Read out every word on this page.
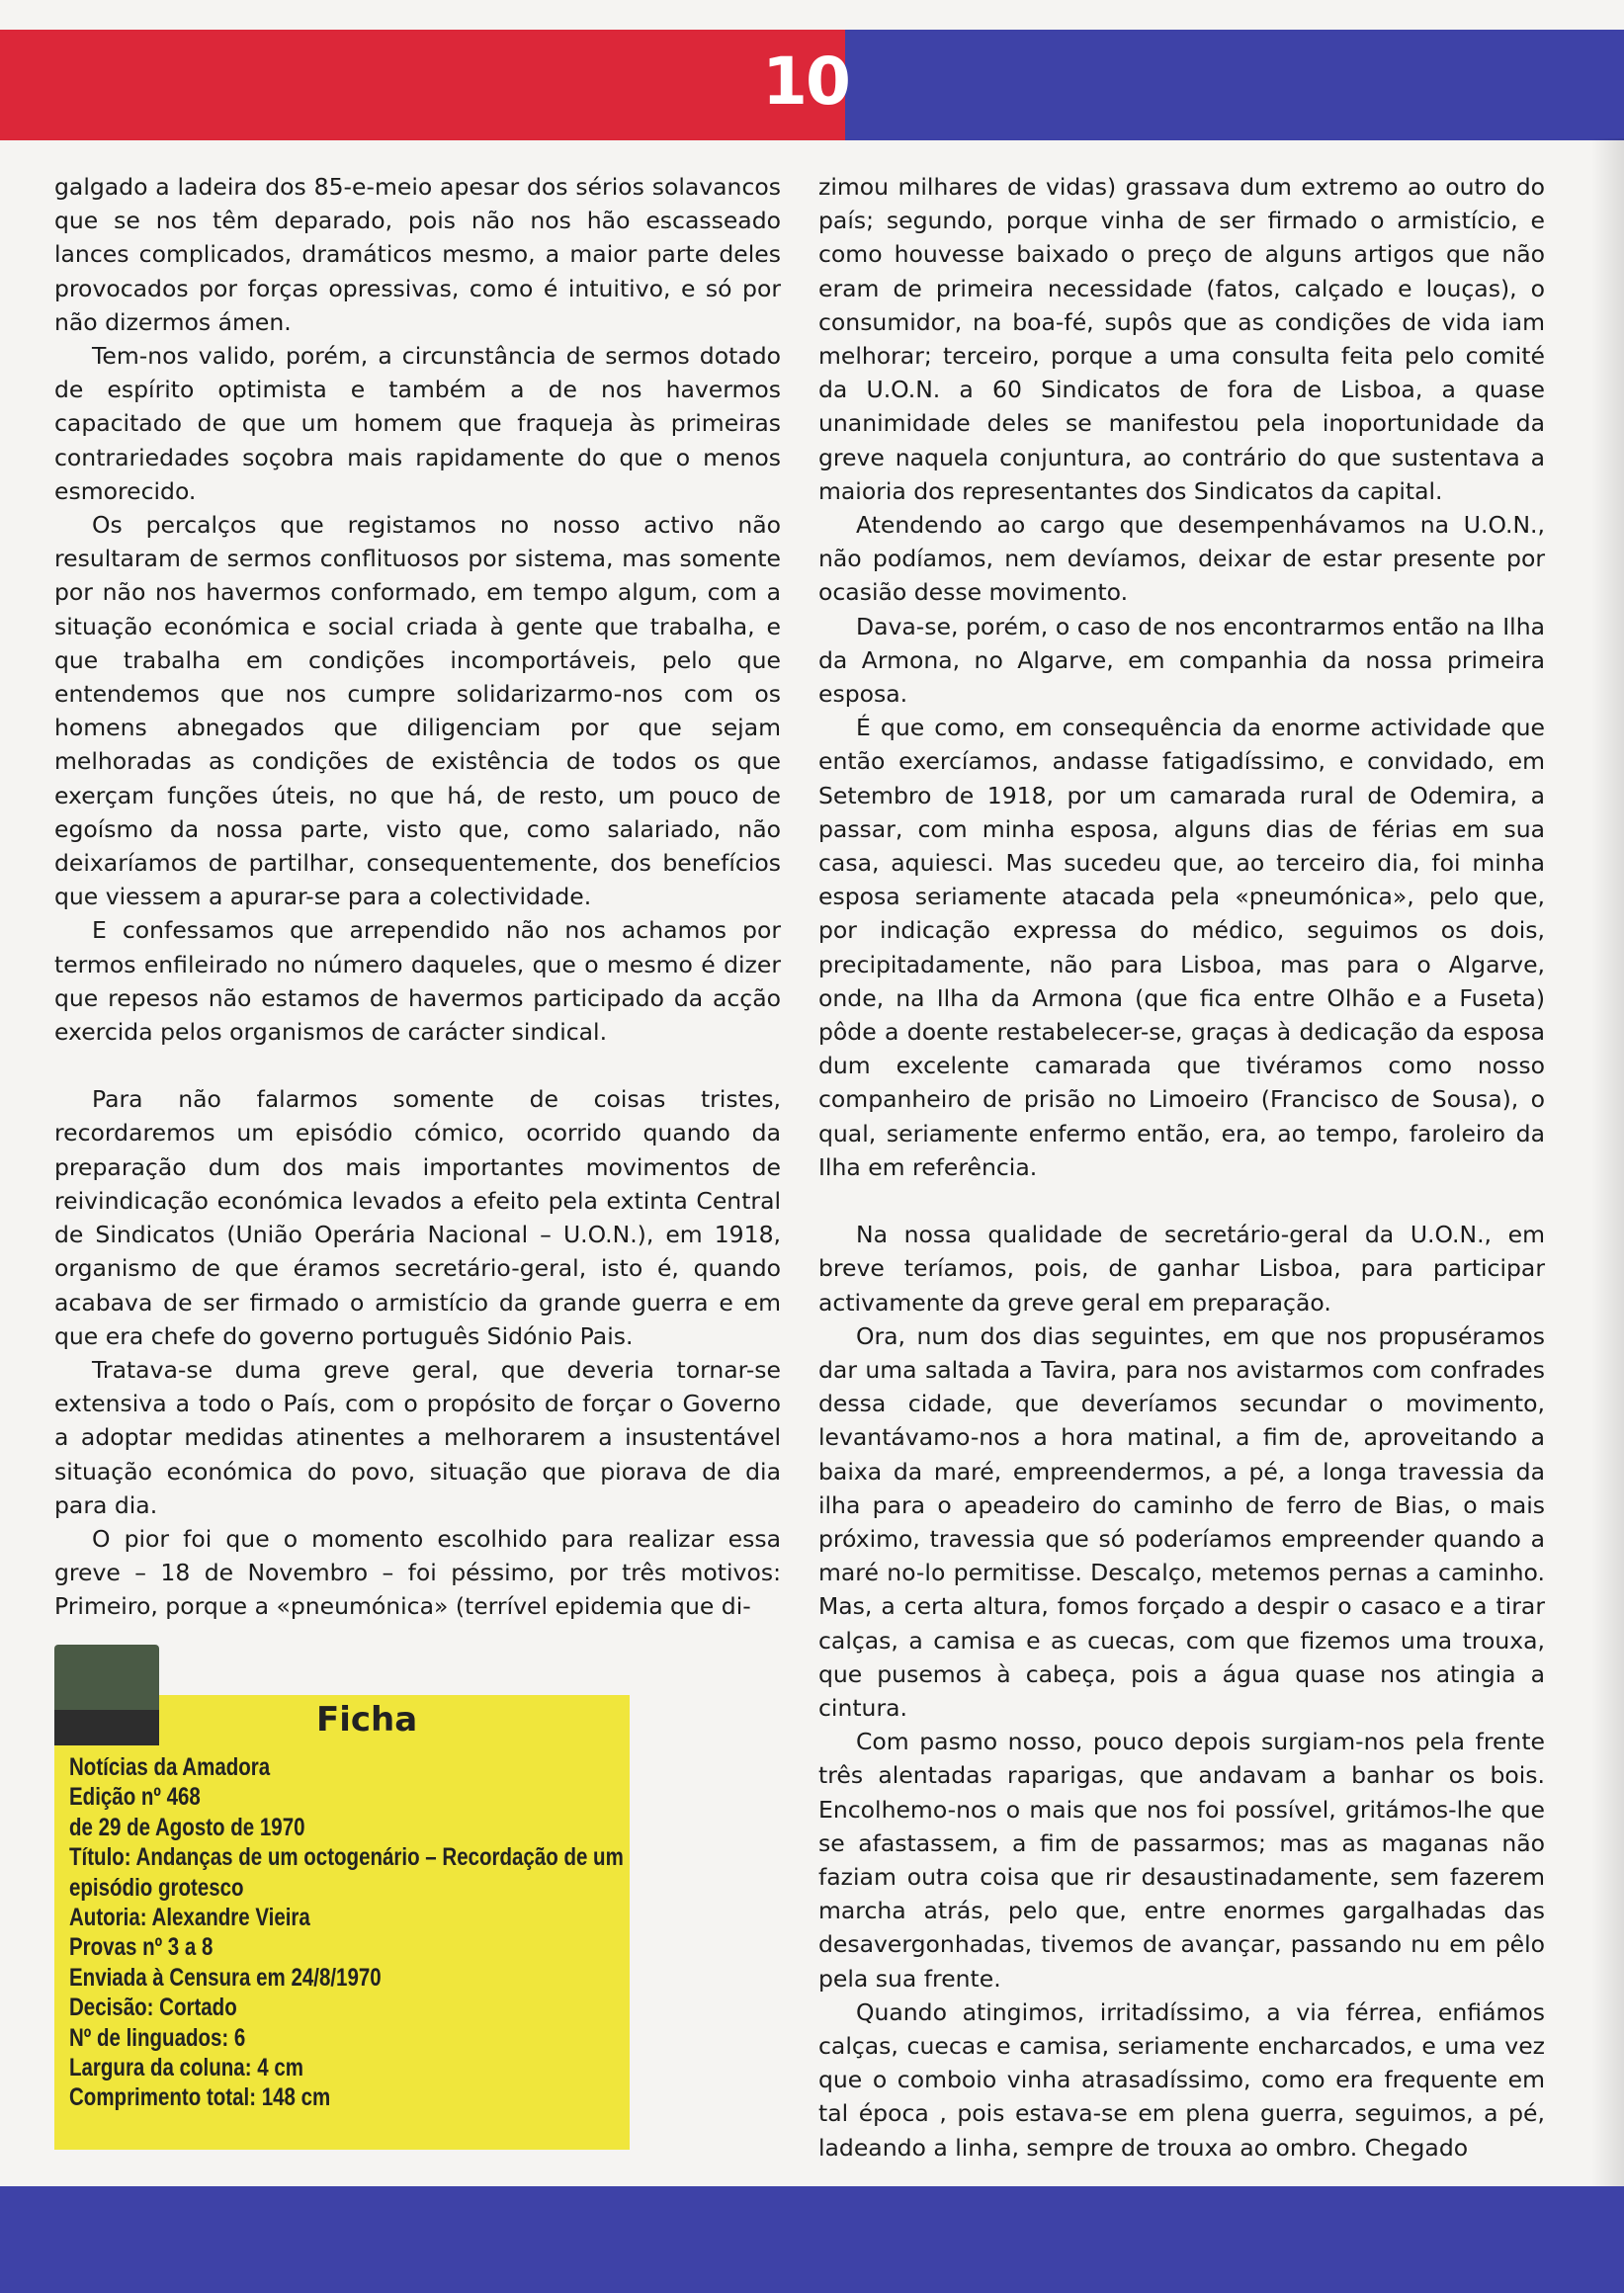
10

galgado a ladeira dos 85-e-meio apesar dos sérios solavancos que se nos têm deparado, pois não nos hão escasseado lances complicados, dramáticos mesmo, a maior parte deles provocados por forças opressivas, como é intuitivo, e só por não dizermos ámen.

Tem-nos valido, porém, a circunstância de sermos dotado de espírito optimista e também a de nos havermos capacitado de que um homem que fraqueja às primeiras contrariedades soçobra mais rapidamente do que o menos esmorecido.

Os percalços que registamos no nosso activo não resultaram de sermos conflituosos por sistema, mas somente por não nos havermos conformado, em tempo algum, com a situação económica e social criada à gente que trabalha, e que trabalha em condições incomportáveis, pelo que entendemos que nos cumpre solidarizarmo-nos com os homens abnegados que diligenciam por que sejam melhoradas as condições de existência de todos os que exerçam funções úteis, no que há, de resto, um pouco de egoísmo da nossa parte, visto que, como salariado, não deixaríamos de partilhar, consequentemente, dos benefícios que viessem a apurar-se para a colectividade.

E confessamos que arrependido não nos achamos por termos enfileirado no número daqueles, que o mesmo é dizer que repesos não estamos de havermos participado da acção exercida pelos organismos de carácter sindical.

Para não falarmos somente de coisas tristes, recordaremos um episódio cómico, ocorrido quando da preparação dum dos mais importantes movimentos de reivindicação económica levados a efeito pela extinta Central de Sindicatos (União Operária Nacional – U.O.N.), em 1918, organismo de que éramos secretário-geral, isto é, quando acabava de ser firmado o armistício da grande guerra e em que era chefe do governo português Sidónio Pais.

Tratava-se duma greve geral, que deveria tornar-se extensiva a todo o País, com o propósito de forçar o Governo a adoptar medidas atinentes a melhorarem a insustentável situação económica do povo, situação que piorava de dia para dia.

O pior foi que o momento escolhido para realizar essa greve – 18 de Novembro – foi péssimo, por três motivos: Primeiro, porque a «pneumónica» (terrível epidemia que di-

zimou milhares de vidas) grassava dum extremo ao outro do país; segundo, porque vinha de ser firmado o armistício, e como houvesse baixado o preço de alguns artigos que não eram de primeira necessidade (fatos, calçado e louças), o consumidor, na boa-fé, supôs que as condições de vida iam melhorar; terceiro, porque a uma consulta feita pelo comité da U.O.N. a 60 Sindicatos de fora de Lisboa, a quase unanimidade deles se manifestou pela inoportunidade da greve naquela conjuntura, ao contrário do que sustentava a maioria dos representantes dos Sindicatos da capital.

Atendendo ao cargo que desempenhávamos na U.O.N., não podíamos, nem devíamos, deixar de estar presente por ocasião desse movimento.

Dava-se, porém, o caso de nos encontrarmos então na Ilha da Armona, no Algarve, em companhia da nossa primeira esposa.

É que como, em consequência da enorme actividade que então exercíamos, andasse fatigadíssimo, e convidado, em Setembro de 1918, por um camarada rural de Odemira, a passar, com minha esposa, alguns dias de férias em sua casa, aquiesci. Mas sucedeu que, ao terceiro dia, foi minha esposa seriamente atacada pela «pneumónica», pelo que, por indicação expressa do médico, seguimos os dois, precipitadamente, não para Lisboa, mas para o Algarve, onde, na Ilha da Armona (que fica entre Olhão e a Fuseta) pôde a doente restabelecer-se, graças à dedicação da esposa dum excelente camarada que tivéramos como nosso companheiro de prisão no Limoeiro (Francisco de Sousa), o qual, seriamente enfermo então, era, ao tempo, faroleiro da Ilha em referência.

Na nossa qualidade de secretário-geral da U.O.N., em breve teríamos, pois, de ganhar Lisboa, para participar activamente da greve geral em preparação.

Ora, num dos dias seguintes, em que nos propuséramos dar uma saltada a Tavira, para nos avistarmos com confrades dessa cidade, que deveríamos secundar o movimento, levantávamo-nos a hora matinal, a fim de, aproveitando a baixa da maré, empreendermos, a pé, a longa travessia da ilha para o apeadeiro do caminho de ferro de Bias, o mais próximo, travessia que só poderíamos empreender quando a maré no-lo permitisse. Descalço, metemos pernas a caminho. Mas, a certa altura, fomos forçado a despir o casaco e a tirar calças, a camisa e as cuecas, com que fizemos uma trouxa, que pusemos à cabeça, pois a água quase nos atingia a cintura.

Com pasmo nosso, pouco depois surgiam-nos pela frente três alentadas raparigas, que andavam a banhar os bois. Encolhemo-nos o mais que nos foi possível, gritámos-lhe que se afastassem, a fim de passarmos; mas as maganas não faziam outra coisa que rir desaustinadamente, sem fazerem marcha atrás, pelo que, entre enormes gargalhadas das desavergonhadas, tivemos de avançar, passando nu em pêlo pela sua frente.

Quando atingimos, irritadíssimo, a via férrea, enfiámos calças, cuecas e camisa, seriamente encharcados, e uma vez que o comboio vinha atrasadíssimo, como era frequente em tal época , pois estava-se em plena guerra, seguimos, a pé, ladeando a linha, sempre de trouxa ao ombro. Chegado

Notícias da Amadora
Edição nº 468
de 29 de Agosto de 1970
Título: Andanças de um octogenário – Recordação de um
episódio grotesco
Autoria: Alexandre Vieira
Provas nº 3 a 8
Enviada à Censura em 24/8/1970
Decisão: Cortado
Nº de linguados: 6
Largura da coluna: 4 cm
Comprimento total: 148 cm
Ficha
